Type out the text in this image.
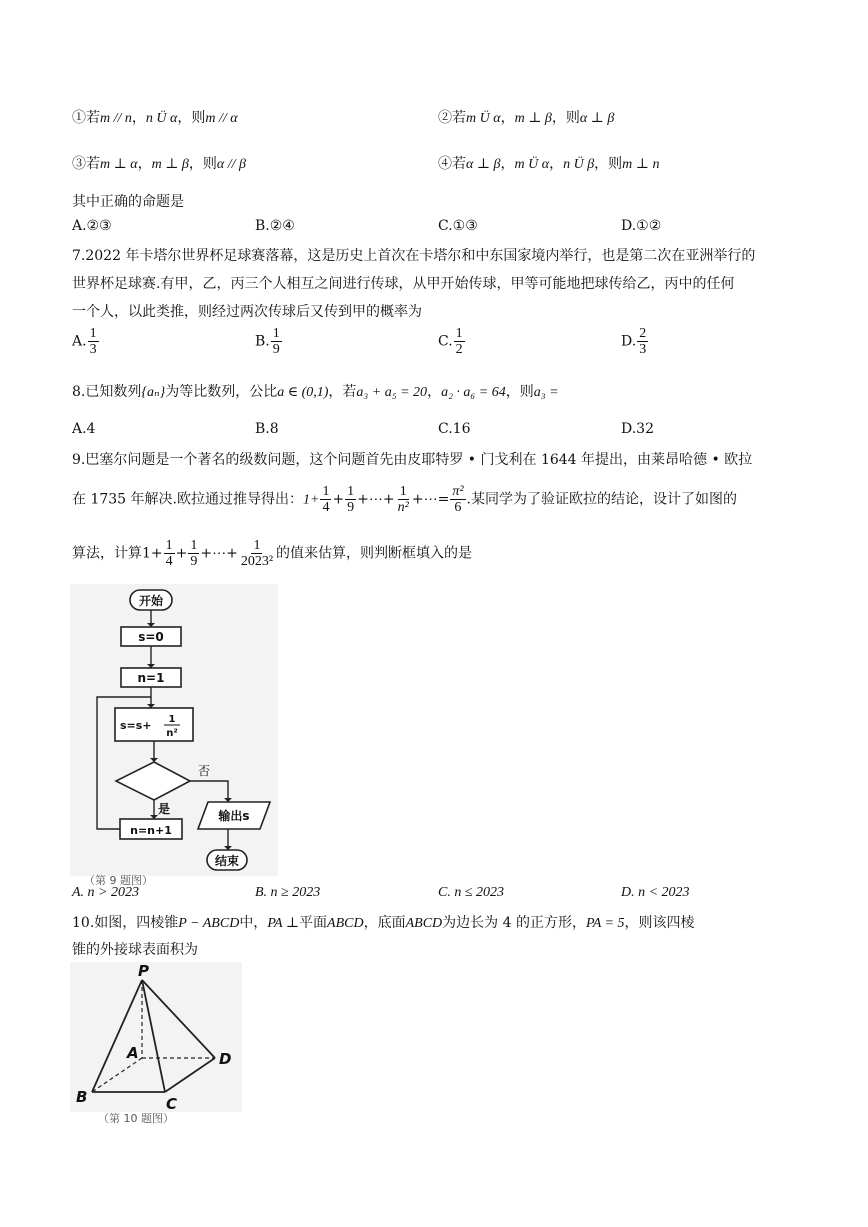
①若m // n，n Ü α，则m // α	②若m Ü α，m ⊥ β，则α ⊥ β
③若m ⊥ α，m ⊥ β，则α // β	④若α ⊥ β，m Ü α，n Ü β，则m ⊥ n
其中正确的命题是
A.②③	B.②④	C.①③	D.①②
7.2022 年卡塔尔世界杯足球赛落幕，这是历史上首次在卡塔尔和中东国家境内举行，也是第二次在亚洲举行的
世界杯足球赛.有甲，乙，丙三个人相互之间进行传球，从甲开始传球，甲等可能地把球传给乙，丙中的任何
一个人，以此类推，则经过两次传球后又传到甲的概率为
A. $\frac{1}{3}$	B. $\frac{1}{9}$	C. $\frac{1}{2}$	D. $\frac{2}{3}$
8.已知数列{aₙ}为等比数列，公比a ∈ (0,1)，若a₃ + a₅ = 20，a₂ · a₆ = 64，则a₃ =
A.4	B.8	C.16	D.32
9.巴塞尔问题是一个著名的级数问题，这个问题首先由皮耶特罗 • 门戈利在 1644 年提出，由莱昂哈德 • 欧拉
在 1735 年解决.欧拉通过推导得出：$1+ \frac{1}{4} + \frac{1}{9}$ +⋯+ $\frac{1}{\text{n²}}$ +⋯= $\frac{\text{π²}}{6}$ .某同学为了验证欧拉的结论，设计了如图的
算法，计算$1+ \frac{1}{4} + \frac{1}{9}$ +⋯+ $\frac{1}{\text{2023²}}$ 的值来估算，则判断框填入的是
开始
s=0
n=1
s=s+ 1
n²
否
是	输出s
n=n+1
结束
（第 9 题图）
A. n > 2023	B. n ≥ 2023	C. n ≤ 2023	D. n < 2023
10.如图，四棱锥P − ABCD中，PA ⊥平面ABCD，底面ABCD为边长为 4 的正方形，PA = 5，则该四棱
锥的外接球表面积为
P
A
B	C
D
（第 10 题图）
